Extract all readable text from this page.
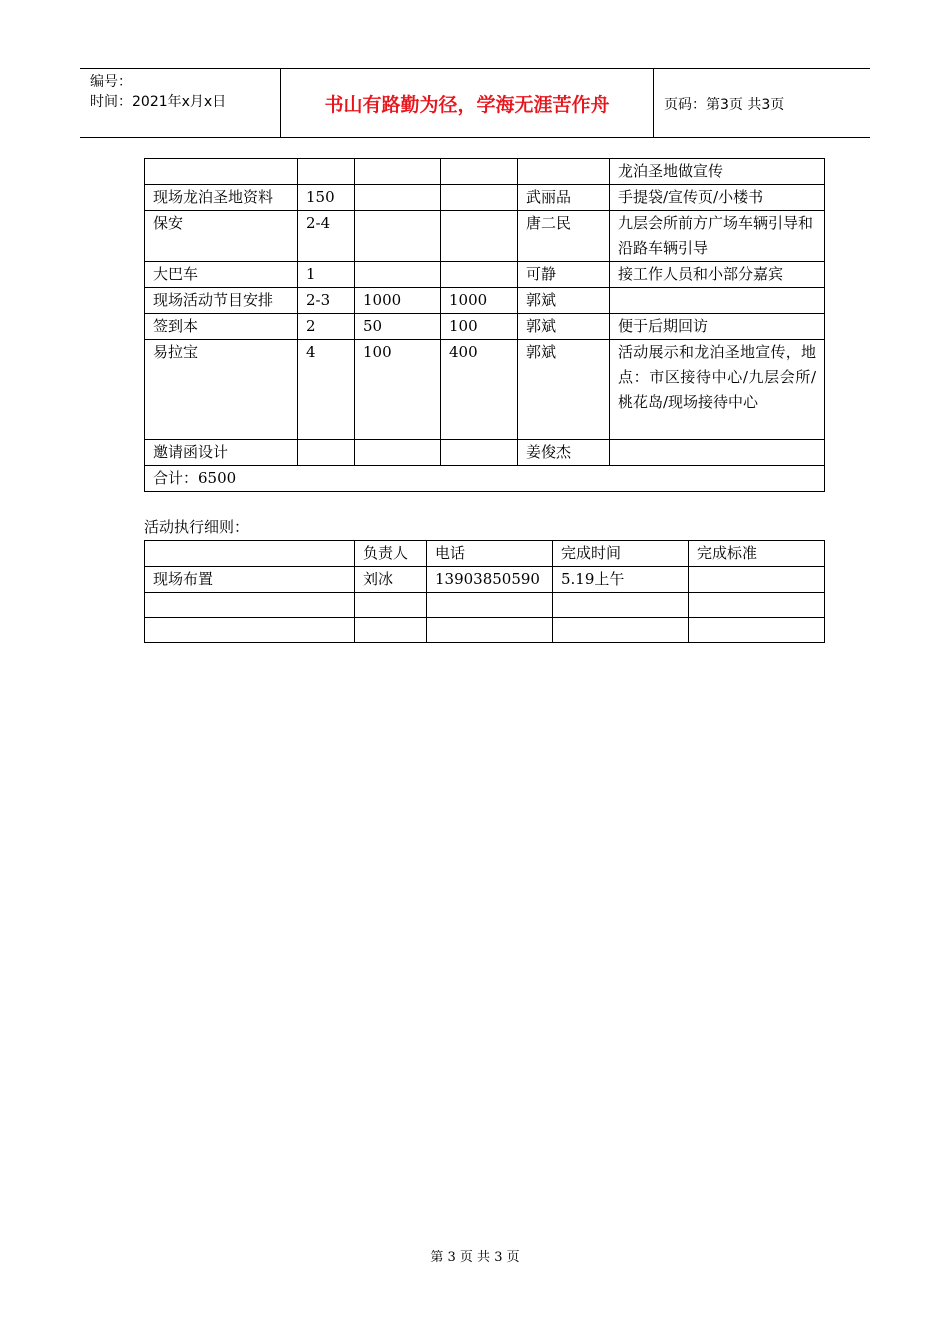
编号：
时间：2021年x月x日	书山有路勤为径，学海无涯苦作舟	页码：第3页 共3页
					龙泊圣地做宣传
现场龙泊圣地资料	150			武丽品	手提袋/宣传页/小楼书
保安	2-4			唐二民	九层会所前方广场车辆引导和沿路车辆引导
大巴车	1			可静	接工作人员和小部分嘉宾
现场活动节目安排	2-3	1000	1000	郭斌	
签到本	2	50	100	郭斌	便于后期回访
易拉宝	4	100	400	郭斌	活动展示和龙泊圣地宣传，地点：市区接待中心/九层会所/桃花岛/现场接待中心
邀请函设计				姜俊杰	
合计：6500					
活动执行细则：
	负责人	电话	完成时间	完成标准
现场布置	刘冰	13903850590	5.19上午	

第 3 页 共 3 页
